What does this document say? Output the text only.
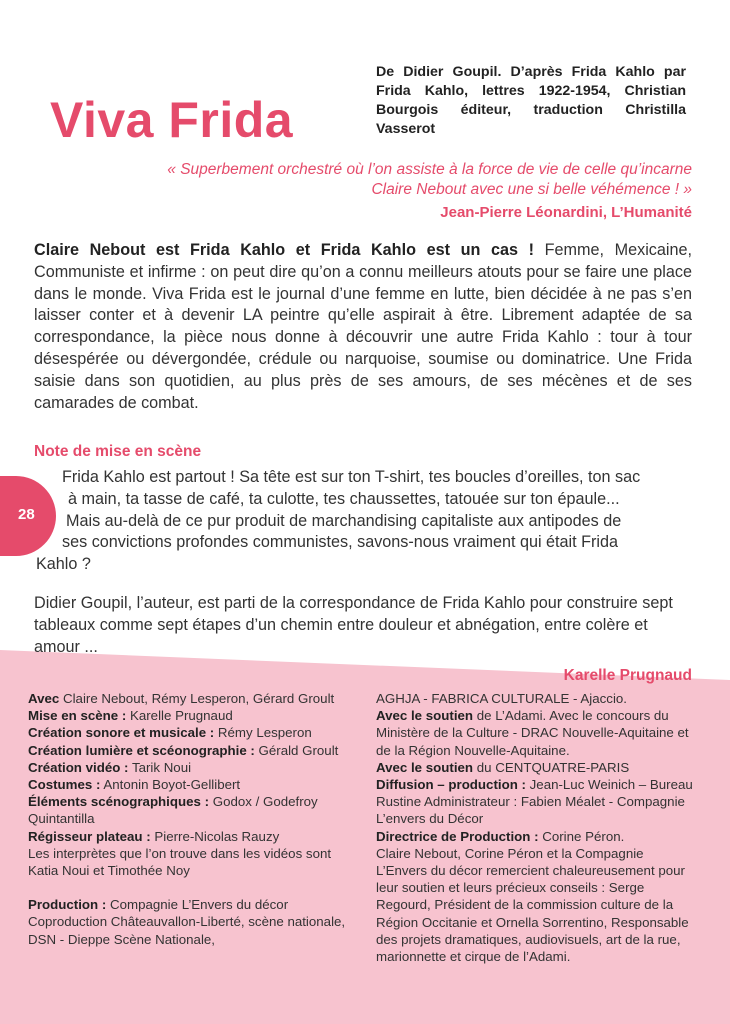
Viva Frida

De Didier Goupil. D’après Frida Kahlo par Frida Kahlo, lettres 1922-1954, Christian Bourgois éditeur, traduction Christilla Vasserot

« Superbement orchestré où l’on assiste à la force de vie de celle qu’incarne
Claire Nebout avec une si belle véhémence ! »

Jean-Pierre Léonardini, L’Humanité

Claire Nebout est Frida Kahlo et Frida Kahlo est un cas ! Femme, Mexicaine, Communiste et infirme : on peut dire qu’on a connu meilleurs atouts pour se faire une place dans le monde. Viva Frida est le journal d’une femme en lutte, bien décidée à ne pas s’en laisser conter et à devenir LA peintre qu’elle aspirait à être. Librement adaptée de sa correspondance, la pièce nous donne à découvrir une autre Frida Kahlo : tour à tour désespérée ou dévergondée, crédule ou narquoise, soumise ou dominatrice. Une Frida saisie dans son quotidien, au plus près de ses amours, de ses mécènes et de ses camarades de combat.

Note de mise en scène
28

Frida Kahlo est partout ! Sa tête est sur ton T-shirt, tes boucles d’oreilles, ton sac
à main, ta tasse de café, ta culotte, tes chaussettes, tatouée sur ton épaule...
Mais au-delà de ce pur produit de marchandising capitaliste aux antipodes de
ses convictions profondes communistes, savons-nous vraiment qui était Frida
Kahlo ?

Didier Goupil, l’auteur, est parti de la correspondance de Frida Kahlo pour construire sept tableaux comme sept étapes d’un chemin entre douleur et abnégation, entre colère et amour ...

Karelle Prugnaud

Avec Claire Nebout, Rémy Lesperon, Gérard Groult

Mise en scène : Karelle Prugnaud

Création sonore et musicale : Rémy Lesperon

Création lumière et scéonographie : Gérald Groult

Création vidéo : Tarik Noui

Costumes : Antonin Boyot-Gellibert

Éléments scénographiques : Godox / Godefroy Quintantilla

Régisseur plateau : Pierre-Nicolas Rauzy

Les interprètes que l’on trouve dans les vidéos sont Katia Noui et Timothée Noy

Production : Compagnie L’Envers du décor

Coproduction Châteauvallon-Liberté, scène nationale, DSN - Dieppe Scène Nationale,

AGHJA - FABRICA CULTURALE - Ajaccio.

Avec le soutien de L’Adami. Avec le concours du Ministère de la Culture - DRAC Nouvelle-Aquitaine et de la Région Nouvelle-Aquitaine.

Avec le soutien du CENTQUATRE-PARIS

Diffusion – production : Jean-Luc Weinich – Bureau Rustine Administrateur : Fabien Méalet - Compagnie L’envers du Décor

Directrice de Production : Corine Péron.

Claire Nebout, Corine Péron et la Compagnie L’Envers du décor remercient chaleureusement pour leur soutien et leurs précieux conseils : Serge Regourd, Président de la commission culture de la Région Occitanie et Ornella Sorrentino, Responsable des projets dramatiques, audiovisuels, art de la rue, marionnette et cirque de l’Adami.
